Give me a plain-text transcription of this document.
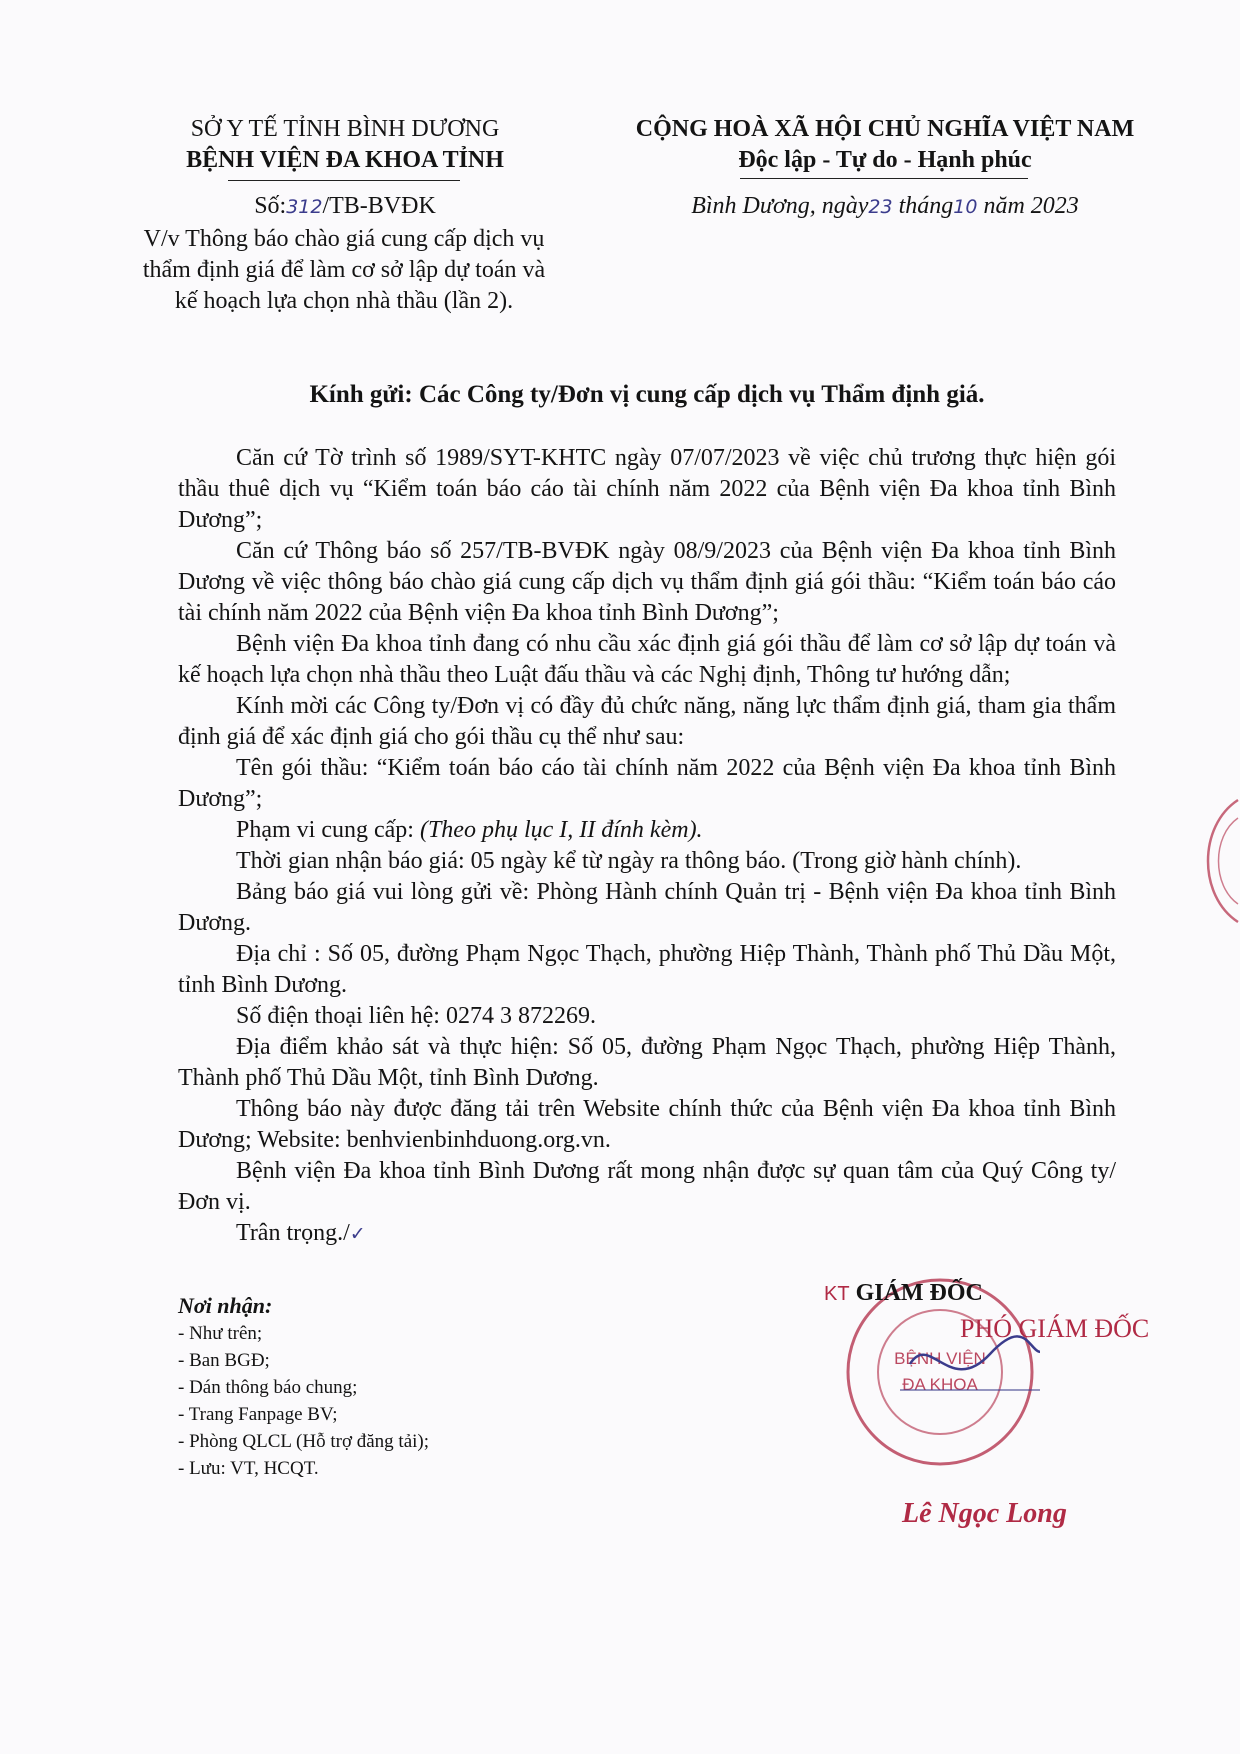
SỞ Y TẾ TỈNH BÌNH DƯƠNG
BỆNH VIỆN ĐA KHOA TỈNH
Số:312/TB-BVĐK
V/v Thông báo chào giá cung cấp dịch vụ thẩm định giá để làm cơ sở lập dự toán và kế hoạch lựa chọn nhà thầu (lần 2).
CỘNG HOÀ XÃ HỘI CHỦ NGHĨA VIỆT NAM
Độc lập - Tự do - Hạnh phúc
Bình Dương, ngày23 tháng10 năm 2023
Kính gửi: Các Công ty/Đơn vị cung cấp dịch vụ Thẩm định giá.

Căn cứ Tờ trình số 1989/SYT-KHTC ngày 07/07/2023 về việc chủ trương thực hiện gói thầu thuê dịch vụ “Kiểm toán báo cáo tài chính năm 2022 của Bệnh viện Đa khoa tỉnh Bình Dương”;

Căn cứ Thông báo số 257/TB-BVĐK ngày 08/9/2023 của Bệnh viện Đa khoa tỉnh Bình Dương về việc thông báo chào giá cung cấp dịch vụ thẩm định giá gói thầu: “Kiểm toán báo cáo tài chính năm 2022 của Bệnh viện Đa khoa tỉnh Bình Dương”;

Bệnh viện Đa khoa tỉnh đang có nhu cầu xác định giá gói thầu để làm cơ sở lập dự toán và kế hoạch lựa chọn nhà thầu theo Luật đấu thầu và các Nghị định, Thông tư hướng dẫn;

Kính mời các Công ty/Đơn vị có đầy đủ chức năng, năng lực thẩm định giá, tham gia thẩm định giá để xác định giá cho gói thầu cụ thể như sau:

Tên gói thầu: “Kiểm toán báo cáo tài chính năm 2022 của Bệnh viện Đa khoa tỉnh Bình Dương”;

Phạm vi cung cấp: (Theo phụ lục I, II đính kèm).

Thời gian nhận báo giá: 05 ngày kể từ ngày ra thông báo. (Trong giờ hành chính).

Bảng báo giá vui lòng gửi về: Phòng Hành chính Quản trị - Bệnh viện Đa khoa tỉnh Bình Dương.

Địa chỉ : Số 05, đường Phạm Ngọc Thạch, phường Hiệp Thành, Thành phố Thủ Dầu Một, tỉnh Bình Dương.

Số điện thoại liên hệ: 0274 3 872269.

Địa điểm khảo sát và thực hiện: Số 05, đường Phạm Ngọc Thạch, phường Hiệp Thành, Thành phố Thủ Dầu Một, tỉnh Bình Dương.

Thông báo này được đăng tải trên Website chính thức của Bệnh viện Đa khoa tỉnh Bình Dương; Website: benhvienbinhduong.org.vn.

Bệnh viện Đa khoa tỉnh Bình Dương rất mong nhận được sự quan tâm của Quý Công ty/Đơn vị.

Trân trọng./✓

Nơi nhận:
- Như trên;
- Ban BGĐ;
- Dán thông báo chung;
- Trang Fanpage BV;
- Phòng QLCL (Hỗ trợ đăng tải);
- Lưu: VT, HCQT.
BỆNH VIỆN
ĐA KHOA
KT GIÁM ĐỐC
PHÓ GIÁM ĐỐC
Lê Ngọc Long
